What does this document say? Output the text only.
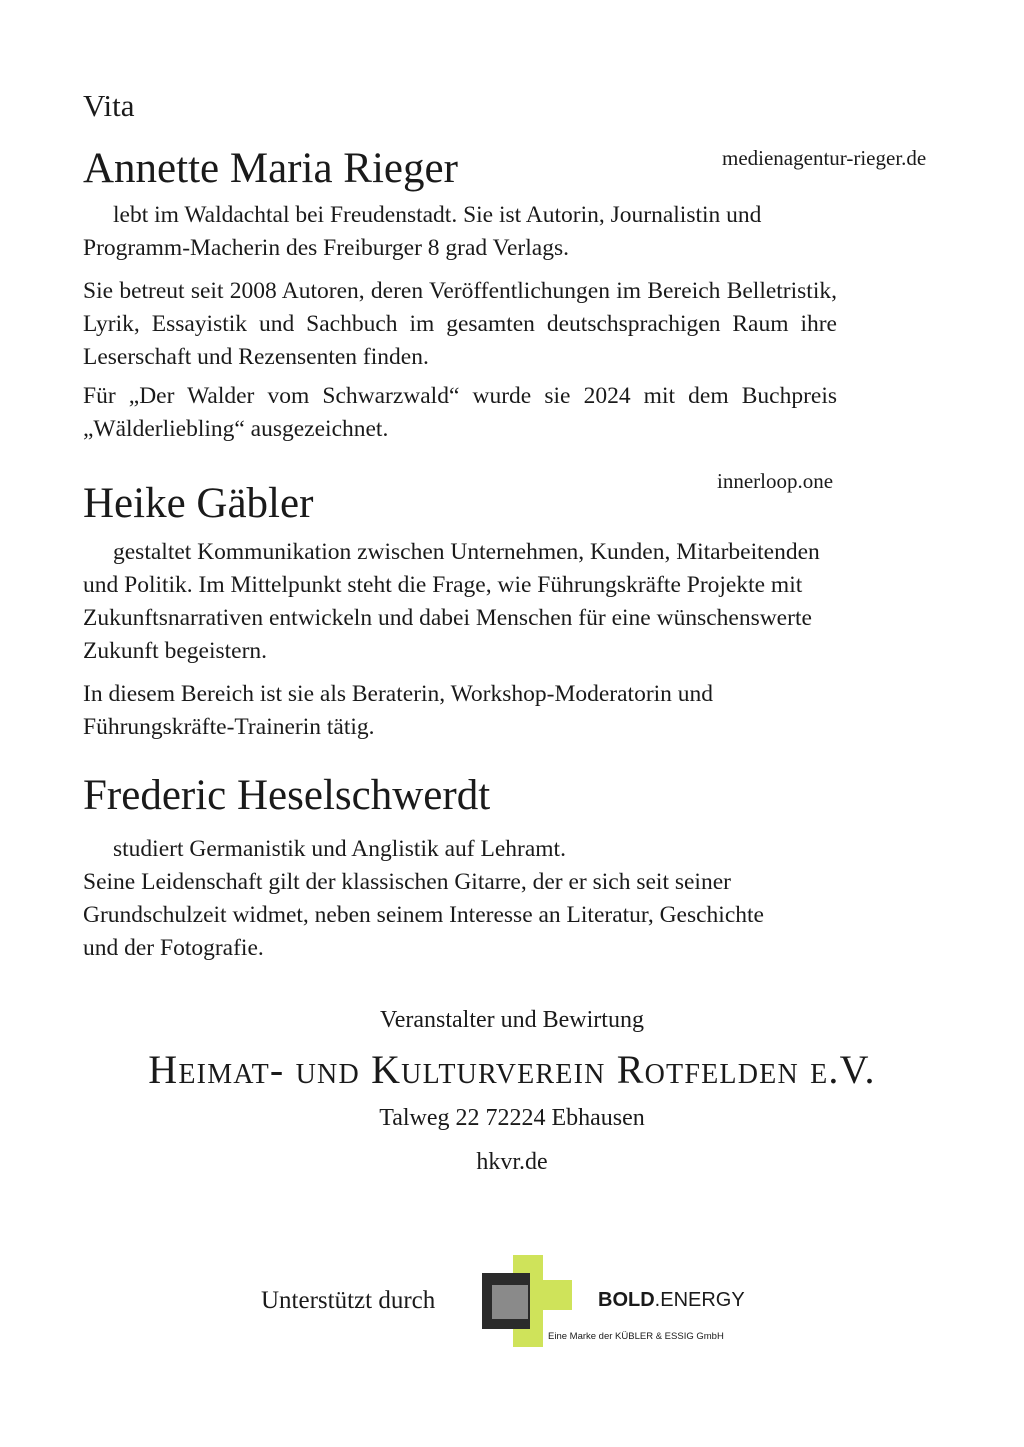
Vita
Annette Maria Rieger	medienagentur-rieger.de

lebt im Waldachtal bei Freudenstadt. Sie ist Autorin, Journalistin und Programm-Macherin des Freiburger 8 grad Verlags.

Sie betreut seit 2008 Autoren, deren Veröffentlichungen im Bereich Belletristik, Lyrik, Essayistik und Sachbuch im gesamten deutschsprachigen Raum ihre Leserschaft und Rezensenten finden.

Für „Der Walder vom Schwarzwald“ wurde sie 2024 mit dem Buchpreis „Wälderliebling“ ausgezeichnet.

Heike Gäbler	innerloop.one

gestaltet Kommunikation zwischen Unternehmen, Kunden, Mitarbeitenden und Politik. Im Mittelpunkt steht die Frage, wie Führungskräfte Projekte mit Zukunftsnarrativen entwickeln und dabei Menschen für eine wünschenswerte Zukunft begeistern.

In diesem Bereich ist sie als Beraterin, Workshop-Moderatorin und Führungskräfte-Trainerin tätig.

Frederic Heselschwerdt

studiert Germanistik und Anglistik auf Lehramt.

Seine Leidenschaft gilt der klassischen Gitarre, der er sich seit seiner Grundschulzeit widmet, neben seinem Interesse an Literatur, Geschichte und der Fotografie.

Veranstalter und Bewirtung
Heimat- und Kulturverein Rotfelden e.V.
Talweg 22 72224 Ebhausen
hkvr.de
Unterstützt durch	BOLD.ENERGY
Eine Marke der KÜBLER & ESSIG GmbH
